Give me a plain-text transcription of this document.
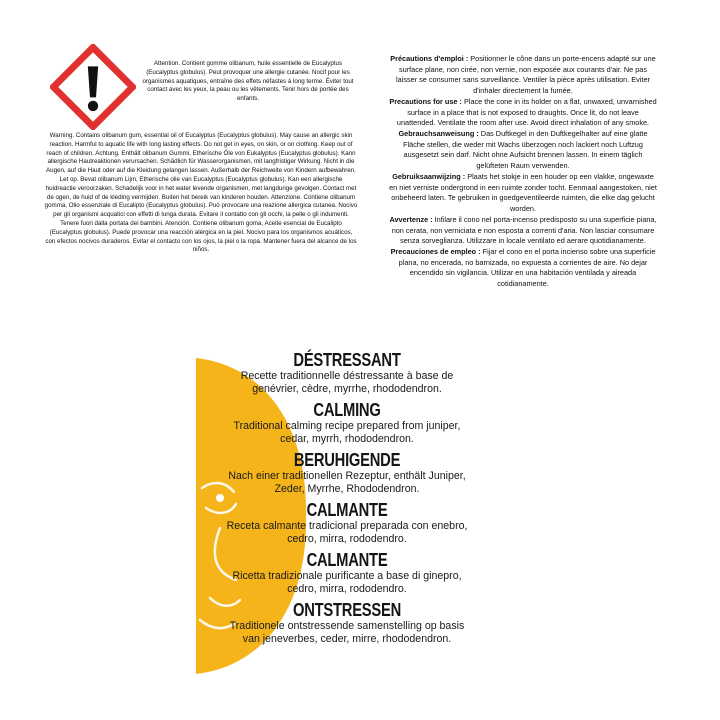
Attention. Contient gomme oliban​um, huile essentielle de Eucalyptus (Eucalyptus globulus). Peut provoquer une allergie cutanée. Nocif pour les organismes aquatiques, entraîne des effets néfastes à long terme. Éviter tout contact avec les yeux, la peau ou les vêtements. Tenir hors de portée des enfants.
Warning. Contains olibanum gum, essential oil of Eucalyptus (Eucalyptus globulus). May cause an allergic skin reaction. Harmful to aquatic life with long lasting effects. Do not get in eyes, on skin, or on clothing. Keep out of reach of children. Achtung. Enthält olibanum Gummi, Etherische Öle von Eukalyptus (Eucalyptus globulus). Kann allergische Hautreaktionen verursachen. Schädlich für Wasserorganismen, mit langfristiger Wirkung. Nicht in die Augen, auf die Haut oder auf die Kleidung gelangen lassen. Außerhalb der Reichweite von Kindern aufbewahren. Let op. Bevat olibanum Lijm, Etherische olie van Eucalyptus (Eucalyptus globulus). Kan een allergische huidreactie veroorzaken. Schadelijk voor in het water levende organismen, met langdurige gevolgen. Contact met de ogen, de huid of de kleding vermijden. Buiten het bereik van kinderen houden. Attenzione. Contiene olibanum gomma, Olio essenziale di Eucalipto (Eucalyptus globulus). Può provocare una reazione allergica cutanea. Nocivo per gli organismi acquatici con effetti di lunga durata. Evitare il contatto con gli occhi, la pelle o gli indumenti. Tenere fuori dalla portata dei bambini. Atención. Contiene olibanum goma, Aceite esencial de Eucalipto (Eucalyptus globulus). Puede provocar una reacción alérgica en la piel. Nocivo para los organismos acuáticos, con efectos nocivos duraderos. Evitar el contacto con los ojos, la piel o la ropa. Mantener fuera del alcance de los niños.

Précautions d'emploi : Positionner le cône dans un porte-encens adapté sur une surface plane, non cirée, non vernie, non exposée aux courants d'air. Ne pas laisser se consumer sans surveillance. Ventiler la pièce après utilisation. Eviter d'inhaler directement la fumée.

Precautions for use : Place the cone in its holder on a flat, unwaxed, unvarnished surface in a place that is not exposed to draughts. Once lit, do not leave unattended. Ventilate the room after use. Avoid direct inhalation of any smoke.

Gebrauchsanweisung : Das Duftkegel in den Duftkegelhalter auf eine glatte Fläche stellen, die weder mit Wachs überzogen noch lackiert noch Luftzug ausgesetzt sein darf. Nicht ohne Aufsicht brennen lassen. In einem täglich gelüfteten Raum verwenden.

Gebruiksaanwijzing : Plaats het stokje in een houder op een vlakke, ongewaxte en niet verniste ondergrond in een ruimte zonder tocht. Eenmaal aangestoken, niet onbeheerd laten. Te gebruiken in goedgeventileerde ruimten, die elke dag gelucht worden.

Avvertenze : Infilare il cono nel porta-incenso predisposto su una superficie piana, non cerata, non verniciata e non esposta a correnti d'aria. Non lasciar consumare senza sorveglianza. Utilizzare in locale ventilato ed aerare quotidianamente.

Precauciones de empleo : Fijar el cono en el porta incienso sobre una superficie plana, no encerada, no barnizada, no expuesta a corrientes de aire. No dejar encendido sin vigilancia. Utilizar en una habitación ventilada y aireada cotidianamente.

DÉSTRESSANT
Recette traditionnelle déstressante à base de genévrier, cèdre, myrrhe, rhododendron.
CALMING
Traditional calming recipe prepared from juniper, cedar, myrrh, rhododendron.
BERUHIGENDE
Nach einer traditionellen Rezeptur, enthält Juniper, Zeder, Myrrhe, Rhododendron.
CALMANTE
Receta calmante tradicional preparada con enebro, cedro, mirra, rododendro.
CALMANTE
Ricetta tradizionale purificante a base di ginepro, cedro, mirra, rododendro.
ONTSTRESSEN
Traditionele ontstressende samenstelling op basis van jeneverbes, ceder, mirre, rhododendron.
